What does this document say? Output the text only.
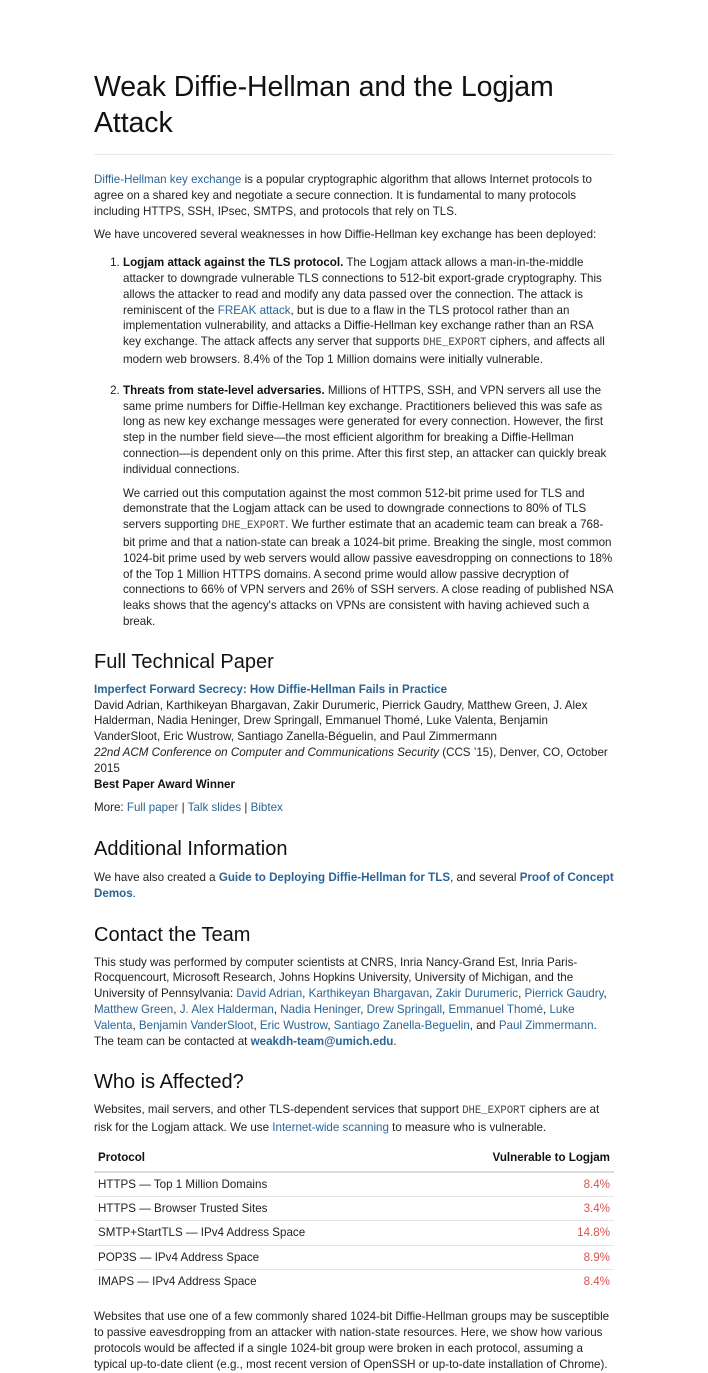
Weak Diffie-Hellman and the Logjam Attack

Diffie-Hellman key exchange is a popular cryptographic algorithm that allows Internet protocols to agree on a shared key and negotiate a secure connection. It is fundamental to many protocols including HTTPS, SSH, IPsec, SMTPS, and protocols that rely on TLS.

We have uncovered several weaknesses in how Diffie-Hellman key exchange has been deployed:

1. Logjam attack against the TLS protocol. The Logjam attack allows a man-in-the-middle attacker to downgrade vulnerable TLS connections to 512-bit export-grade cryptography. This allows the attacker to read and modify any data passed over the connection. The attack is reminiscent of the FREAK attack, but is due to a flaw in the TLS protocol rather than an implementation vulnerability, and attacks a Diffie-Hellman key exchange rather than an RSA key exchange. The attack affects any server that supports DHE_EXPORT ciphers, and affects all modern web browsers. 8.4% of the Top 1 Million domains were initially vulnerable.

2. Threats from state-level adversaries. Millions of HTTPS, SSH, and VPN servers all use the same prime numbers for Diffie-Hellman key exchange. Practitioners believed this was safe as long as new key exchange messages were generated for every connection. However, the first step in the number field sieve—the most efficient algorithm for breaking a Diffie-Hellman connection—is dependent only on this prime. After this first step, an attacker can quickly break individual connections.

We carried out this computation against the most common 512-bit prime used for TLS and demonstrate that the Logjam attack can be used to downgrade connections to 80% of TLS servers supporting DHE_EXPORT. We further estimate that an academic team can break a 768-bit prime and that a nation-state can break a 1024-bit prime. Breaking the single, most common 1024-bit prime used by web servers would allow passive eavesdropping on connections to 18% of the Top 1 Million HTTPS domains. A second prime would allow passive decryption of connections to 66% of VPN servers and 26% of SSH servers. A close reading of published NSA leaks shows that the agency's attacks on VPNs are consistent with having achieved such a break.

Full Technical Paper
Imperfect Forward Secrecy: How Diffie-Hellman Fails in Practice

David Adrian, Karthikeyan Bhargavan, Zakir Durumeric, Pierrick Gaudry, Matthew Green, J. Alex Halderman, Nadia Heninger, Drew Springall, Emmanuel Thomé, Luke Valenta, Benjamin VanderSloot, Eric Wustrow, Santiago Zanella-Béguelin, and Paul Zimmermann

22nd ACM Conference on Computer and Communications Security (CCS ’15), Denver, CO, October 2015

Best Paper Award Winner

More: Full paper | Talk slides | Bibtex

Additional Information

We have also created a Guide to Deploying Diffie-Hellman for TLS, and several Proof of Concept Demos.

Contact the Team

This study was performed by computer scientists at CNRS, Inria Nancy-Grand Est, Inria Paris-Rocquencourt, Microsoft Research, Johns Hopkins University, University of Michigan, and the University of Pennsylvania: David Adrian, Karthikeyan Bhargavan, Zakir Durumeric, Pierrick Gaudry, Matthew Green, J. Alex Halderman, Nadia Heninger, Drew Springall, Emmanuel Thomé, Luke Valenta, Benjamin VanderSloot, Eric Wustrow, Santiago Zanella-Beguelin, and Paul Zimmermann. The team can be contacted at weakdh-team@umich.edu.

Who is Affected?

Websites, mail servers, and other TLS-dependent services that support DHE_EXPORT ciphers are at risk for the Logjam attack. We use Internet-wide scanning to measure who is vulnerable.

Protocol	Vulnerable to Logjam
HTTPS — Top 1 Million Domains	8.4%
HTTPS — Browser Trusted Sites	3.4%
SMTP+StartTLS — IPv4 Address Space	14.8%
POP3S — IPv4 Address Space	8.9%
IMAPS — IPv4 Address Space	8.4%

Websites that use one of a few commonly shared 1024-bit Diffie-Hellman groups may be susceptible to passive eavesdropping from an attacker with nation-state resources. Here, we show how various protocols would be affected if a single 1024-bit group were broken in each protocol, assuming a typical up-to-date client (e.g., most recent version of OpenSSH or up-to-date installation of Chrome).
